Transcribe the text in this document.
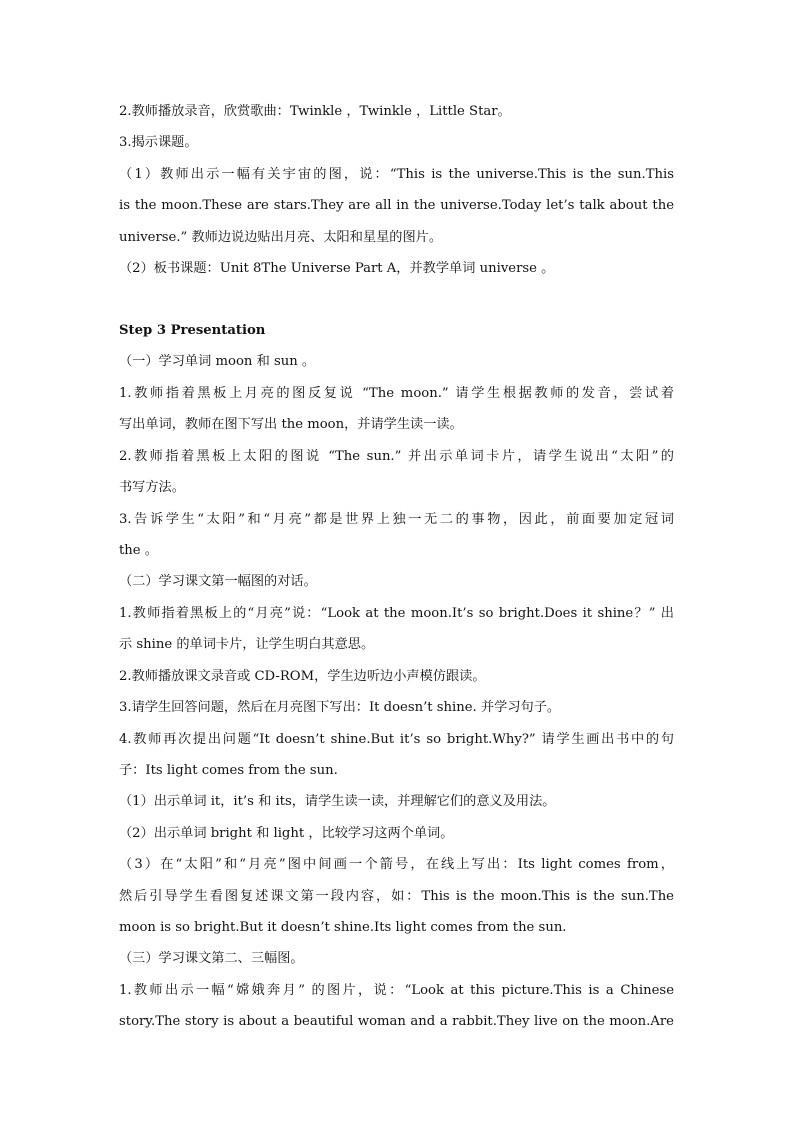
2.教师播放录音，欣赏歌曲：Twinkle ，Twinkle ，Little Star。
3.揭示课题。
（1）教师出示一幅有关宇宙的图，说：“This is the universe.This is the sun.This
is the moon.These are stars.They are all in the universe.Today let’s talk about the
universe.” 教师边说边贴出月亮、太阳和星星的图片。
（2）板书课题：Unit 8The Universe Part A，并教学单词 universe 。
Step 3 Presentation
（一）学习单词 moon 和 sun 。
1.教师指着黑板上月亮的图反复说 “The moon.” 请学生根据教师的发音，尝试着
写出单词，教师在图下写出 the moon，并请学生读一读。
2.教师指着黑板上太阳的图说 “The sun.” 并出示单词卡片，请学生说出“太阳”的
书写方法。
3.告诉学生“太阳”和“月亮”都是世界上独一无二的事物，因此，前面要加定冠词
the 。
（二）学习课文第一幅图的对话。
1.教师指着黑板上的“月亮”说：“Look at the moon.It’s so bright.Does it shine？” 出
示 shine 的单词卡片，让学生明白其意思。
2.教师播放课文录音或 CD-ROM，学生边听边小声模仿跟读。
3.请学生回答问题，然后在月亮图下写出：It doesn’t shine. 并学习句子。
4.教师再次提出问题“It doesn’t shine.But it’s so bright.Why?” 请学生画出书中的句
子：Its light comes from the sun.
（1）出示单词 it，it’s 和 its，请学生读一读，并理解它们的意义及用法。
（2）出示单词 bright 和 light ，比较学习这两个单词。
（3）在“太阳”和“月亮”图中间画一个箭号，在线上写出：Its light comes from，
然后引导学生看图复述课文第一段内容，如：This is the moon.This is the sun.The
moon is so bright.But it doesn’t shine.Its light comes from the sun.
（三）学习课文第二、三幅图。
1.教师出示一幅“嫦娥奔月” 的图片，说：“Look at this picture.This is a Chinese
story.The story is about a beautiful woman and a rabbit.They live on the moon.Are
